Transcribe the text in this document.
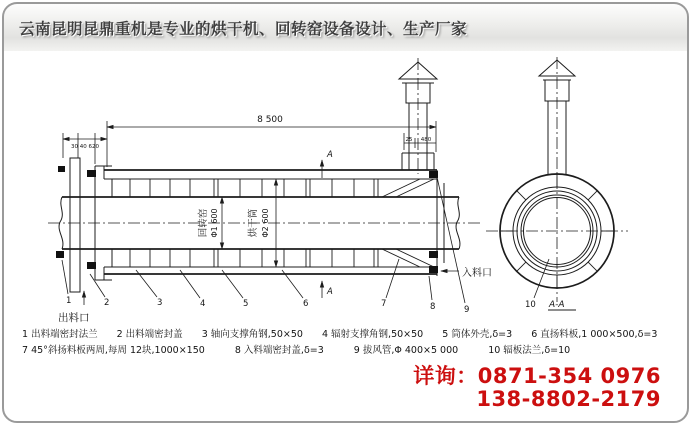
云南昆明昆鼎重机是专业的烘干机、回转窑设备设计、生产厂家
8 500
30 40 620
25 480
回转窑 Φ1 600	烘干筒 Φ2 600
A
A
出料口
入料口
1	2	3	4	5	6	7	8	9	10 A-A
1 出料端密封法兰 2 出料端密封盖 3 轴向支撑角钢,50×50 4 辐射支撑角钢,50×50 5 筒体外壳,δ=3 6 直扬料板,1 000×500,δ=3
7 45°斜扬料板两周,每周 12块,1000×150	8 入料端密封盖,δ=3	9 拔风管,Φ 400×5 000	10 辐板法兰,δ=10
详询：0871-354 0976
138-8802-2179
